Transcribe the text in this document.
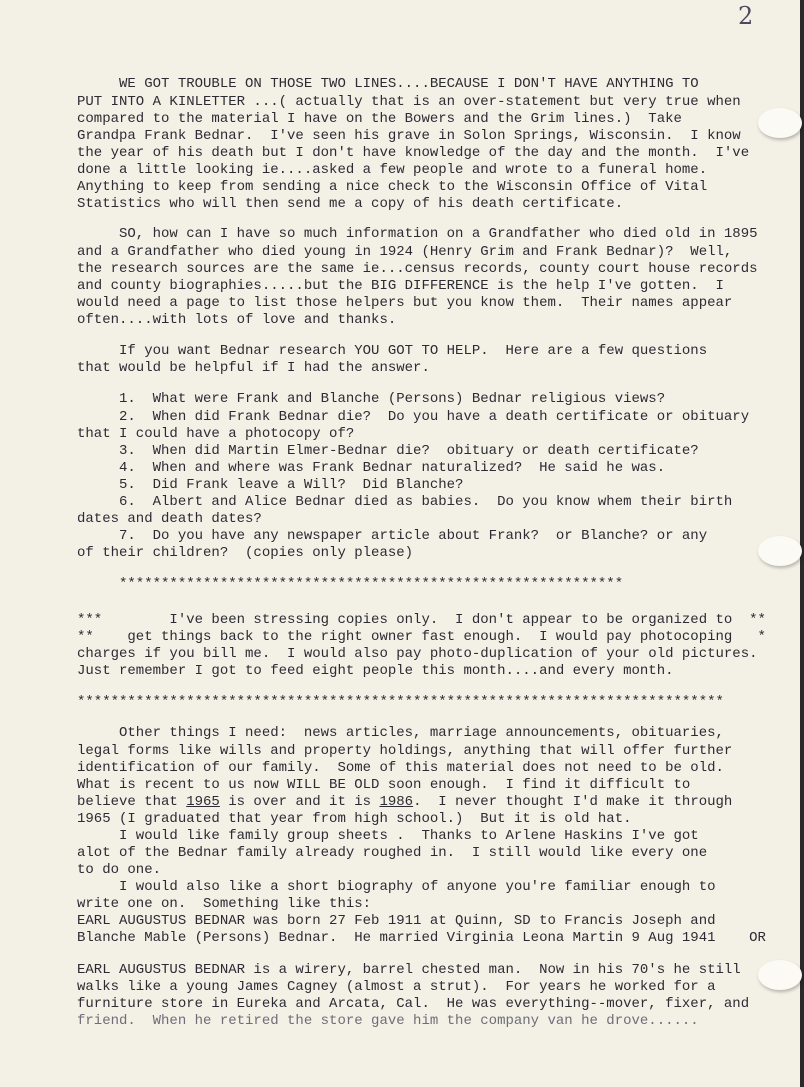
2

WE GOT TROUBLE ON THOSE TWO LINES....BECAUSE I DON'T HAVE ANYTHING TO

PUT INTO A KINLETTER ...( actually that is an over-statement but very true when

compared to the material I have on the Bowers and the Grim lines.)  Take

Grandpa Frank Bednar.  I've seen his grave in Solon Springs, Wisconsin.  I know

the year of his death but I don't have knowledge of the day and the month.  I've

done a little looking ie....asked a few people and wrote to a funeral home.

Anything to keep from sending a nice check to the Wisconsin Office of Vital

Statistics who will then send me a copy of his death certificate.

SO, how can I have so much information on a Grandfather who died old in 1895

and a Grandfather who died young in 1924 (Henry Grim and Frank Bednar)?  Well,

the research sources are the same ie...census records, county court house records

and county biographies.....but the BIG DIFFERENCE is the help I've gotten.  I

would need a page to list those helpers but you know them.  Their names appear

often....with lots of love and thanks.

If you want Bednar research YOU GOT TO HELP.  Here are a few questions

that would be helpful if I had the answer.

1.  What were Frank and Blanche (Persons) Bednar religious views?

2.  When did Frank Bednar die?  Do you have a death certificate or obituary

that I could have a photocopy of?

3.  When did Martin Elmer-Bednar die?  obituary or death certificate?

4.  When and where was Frank Bednar naturalized?  He said he was.

5.  Did Frank leave a Will?  Did Blanche?

6.  Albert and Alice Bednar died as babies.  Do you know whem their birth

dates and death dates?

7.  Do you have any newspaper article about Frank?  or Blanche? or any

of their children?  (copies only please)

************************************************************

***        I've been stressing copies only.  I don't appear to be organized to  **

**    get things back to the right owner fast enough.  I would pay photocoping   *

charges if you bill me.  I would also pay photo-duplication of your old pictures.

Just remember I got to feed eight people this month....and every month.

*****************************************************************************

Other things I need:  news articles, marriage announcements, obituaries,

legal forms like wills and property holdings, anything that will offer further

identification of our family.  Some of this material does not need to be old.

What is recent to us now WILL BE OLD soon enough.  I find it difficult to

believe that 1965 is over and it is 1986.  I never thought I'd make it through

1965 (I graduated that year from high school.)  But it is old hat.

I would like family group sheets .  Thanks to Arlene Haskins I've got

alot of the Bednar family already roughed in.  I still would like every one

to do one.

I would also like a short biography of anyone you're familiar enough to

write one on.  Something like this:

EARL AUGUSTUS BEDNAR was born 27 Feb 1911 at Quinn, SD to Francis Joseph and

Blanche Mable (Persons) Bednar.  He married Virginia Leona Martin 9 Aug 1941    OR

EARL AUGUSTUS BEDNAR is a wirery, barrel chested man.  Now in his 70's he still

walks like a young James Cagney (almost a strut).  For years he worked for a

furniture store in Eureka and Arcata, Cal.  He was everything--mover, fixer, and

friend.  When he retired the store gave him the company van he drove......
